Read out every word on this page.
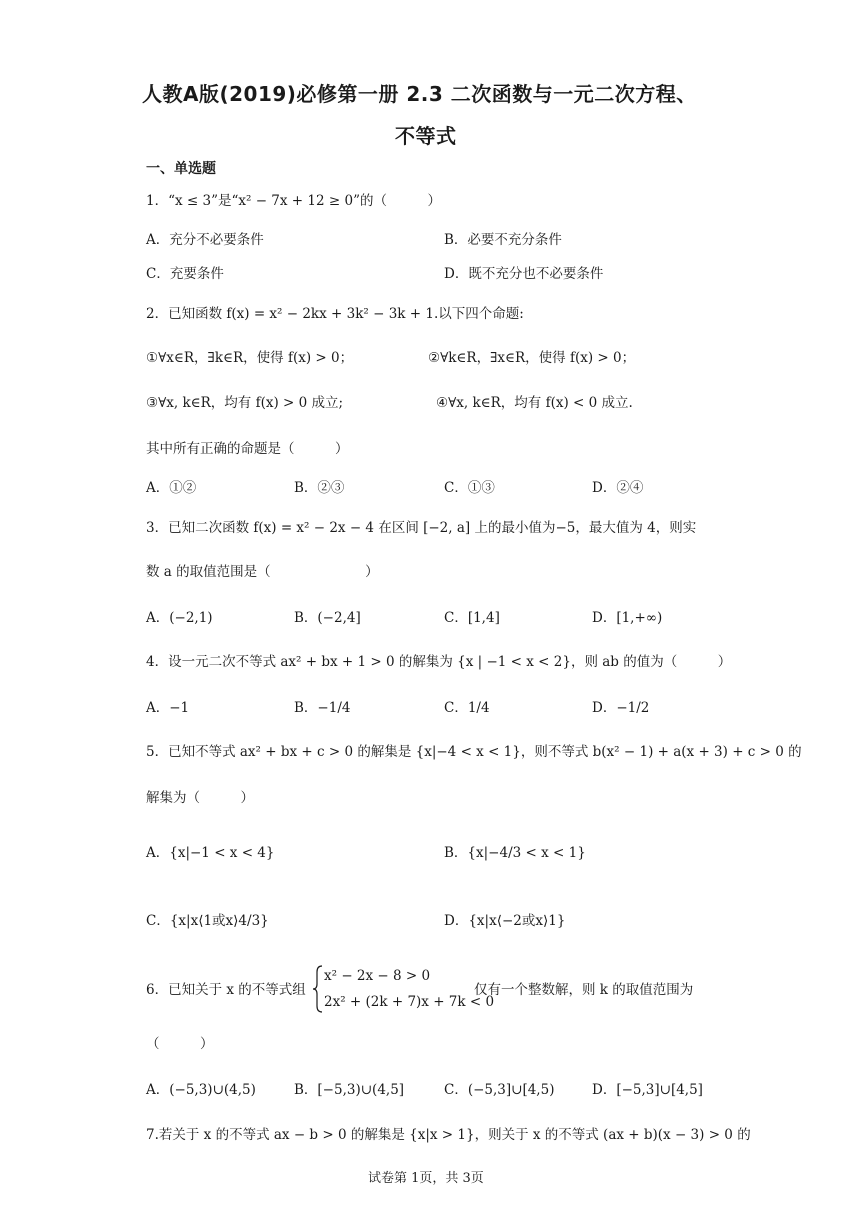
人教A版(2019)必修第一册 2.3 二次函数与一元二次方程、
不等式
一、单选题
1．“x ≤ 3”是“x² − 7x + 12 ≥ 0”的（　　　）
A．充分不必要条件	B．必要不充分条件
C．充要条件	D．既不充分也不必要条件
2．已知函数 f(x) = x² − 2kx + 3k² − 3k + 1.以下四个命题:
①∀x∈R，∃k∈R，使得 f(x) > 0；	②∀k∈R，∃x∈R，使得 f(x) > 0；
③∀x, k∈R，均有 f(x) > 0 成立;	④∀x, k∈R，均有 f(x) < 0 成立.
其中所有正确的命题是（　　　）
A．①②	B．②③	C．①③	D．②④
3．已知二次函数 f(x) = x² − 2x − 4 在区间 [−2, a] 上的最小值为−5，最大值为 4，则实
数 a 的取值范围是（　　　　　　　）
A．(−2,1)	B．(−2,4]	C．[1,4]	D．[1,+∞)
4．设一元二次不等式 ax² + bx + 1 > 0 的解集为 {x | −1 < x < 2}，则 ab 的值为（　　　）
A．−1	B．−1/4	C．1/4	D．−1/2
5．已知不等式 ax² + bx + c > 0 的解集是 {x|−4 < x < 1}，则不等式 b(x² − 1) + a(x + 3) + c > 0 的
解集为（　　　）
A．{x|−1 < x < 4}	B．{x|−4/3 < x < 1}
C．{x|x⟨1或x⟩4/3}	D．{x|x⟨−2或x⟩1}
6．已知关于 x 的不等式组
x² − 2x − 8 > 0
2x² + (2k + 7)x + 7k < 0
仅有一个整数解，则 k 的取值范围为
（　　　）
A．(−5,3)∪(4,5)	B．[−5,3)∪(4,5]	C．(−5,3]∪[4,5)	D．[−5,3]∪[4,5]
7.若关于 x 的不等式 ax − b > 0 的解集是 {x|x > 1}，则关于 x 的不等式 (ax + b)(x − 3) > 0 的
试卷第 1页，共 3页
